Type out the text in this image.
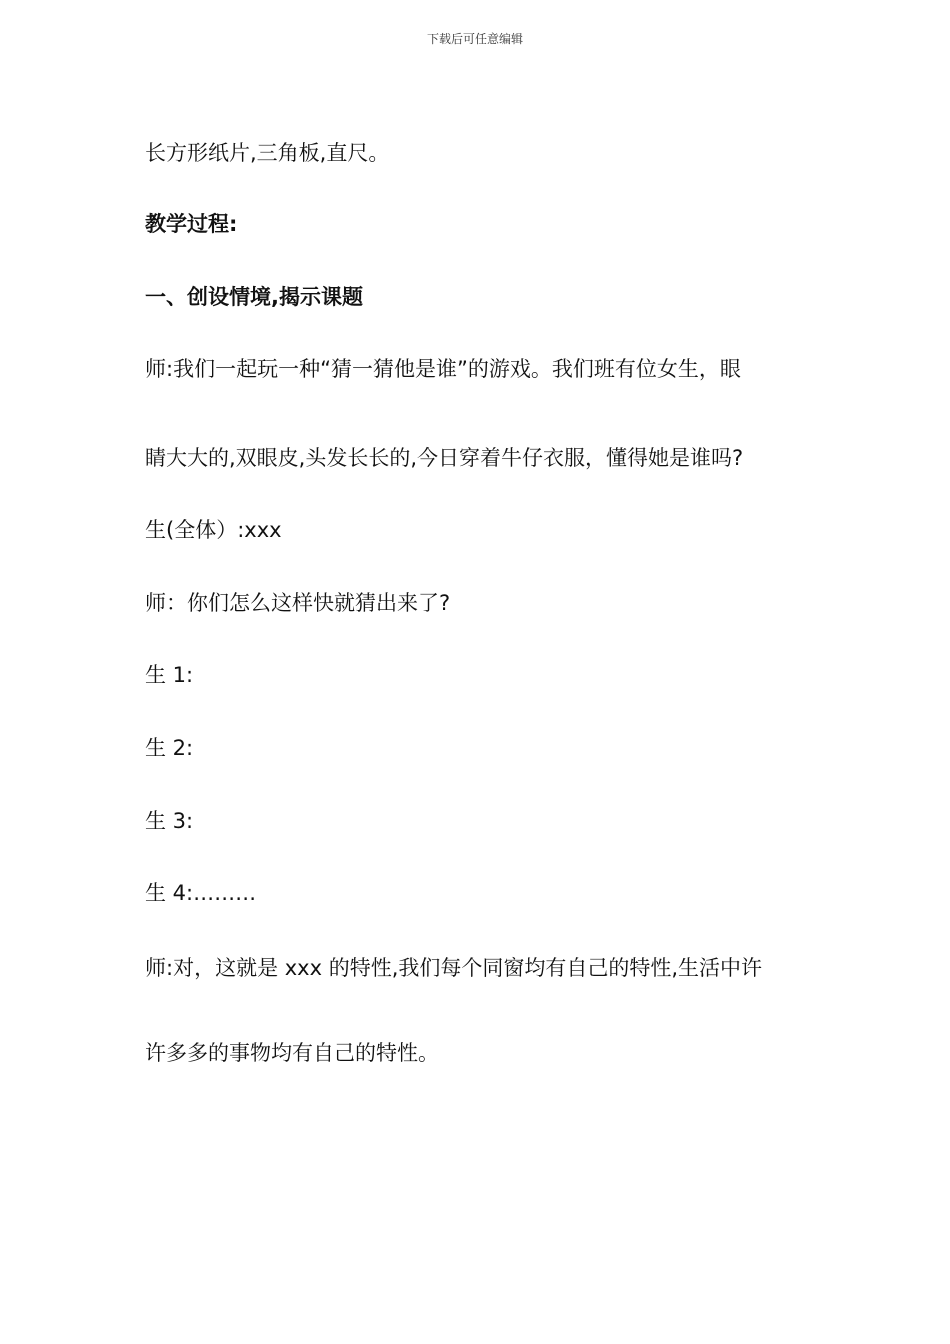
下载后可任意编辑
长方形纸片,三角板,直尺。
教学过程:
一、创设情境,揭示课题
师:我们一起玩一种“猜一猜他是谁”的游戏。我们班有位女生，眼
睛大大的,双眼皮,头发长长的,今日穿着牛仔衣服，懂得她是谁吗?
生(全体）:xxx
师：你们怎么这样快就猜出来了?
生 1:
生 2:
生 3:
生 4:………
师:对，这就是 xxx 的特性,我们每个同窗均有自己的特性,生活中许
许多多的事物均有自己的特性。
